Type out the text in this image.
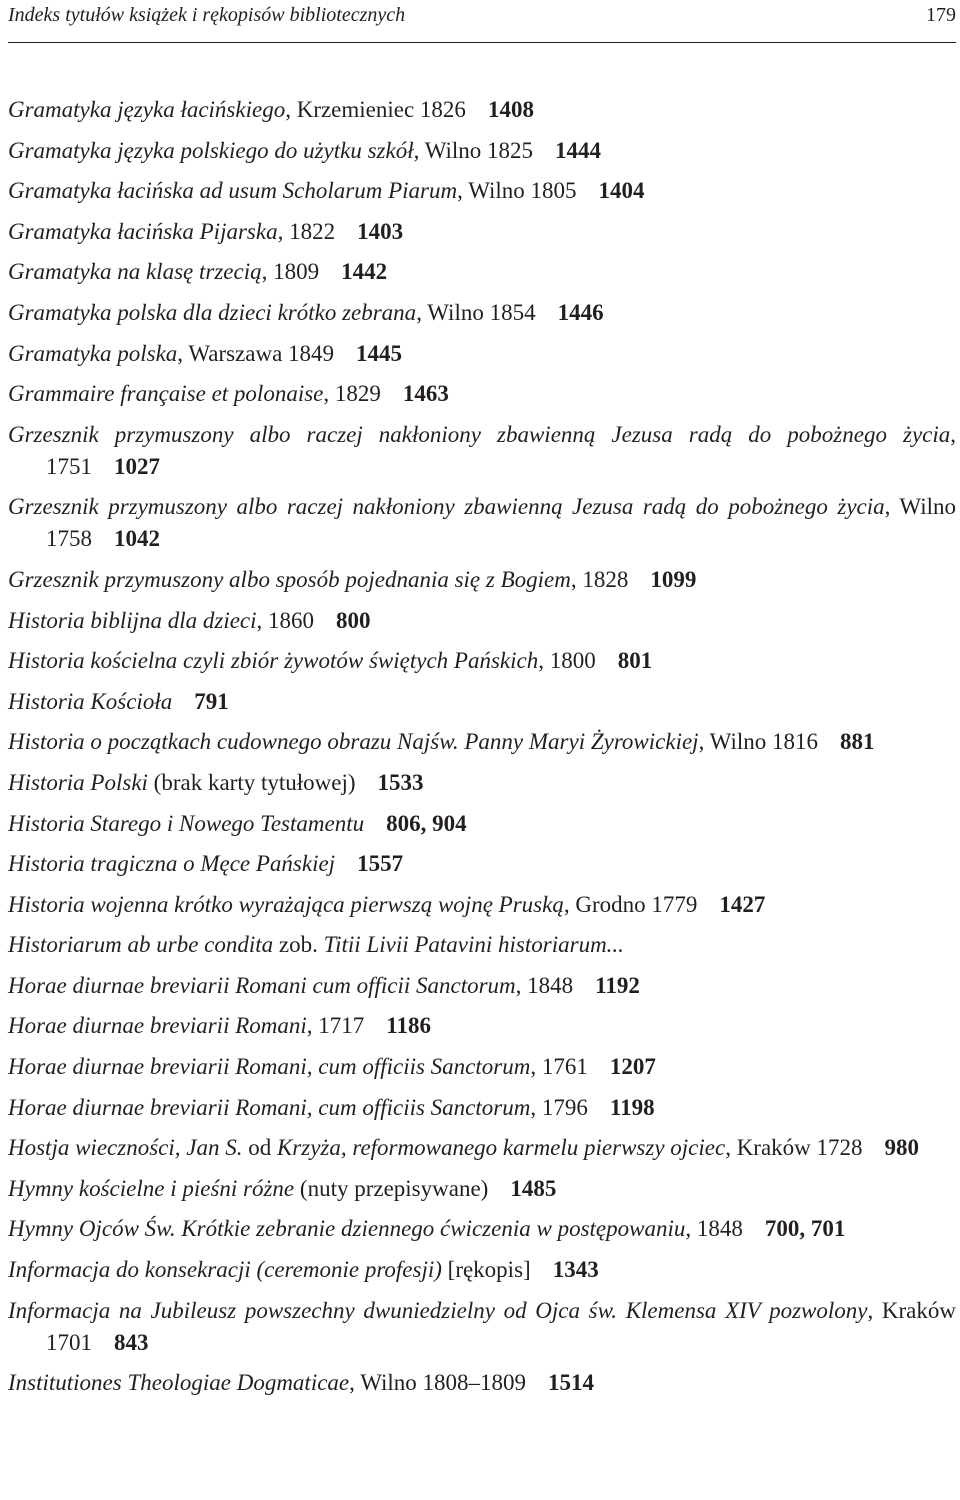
Indeks tytułów książek i rękopisów bibliotecznych	179
Gramatyka języka łacińskiego, Krzemieniec 1826 1408
Gramatyka języka polskiego do użytku szkół, Wilno 1825 1444
Gramatyka łacińska ad usum Scholarum Piarum, Wilno 1805 1404
Gramatyka łacińska Pijarska, 1822 1403
Gramatyka na klasę trzecią, 1809 1442
Gramatyka polska dla dzieci krótko zebrana, Wilno 1854 1446
Gramatyka polska, Warszawa 1849 1445
Grammaire française et polonaise, 1829 1463
Grzesznik przymuszony albo raczej nakłoniony zbawienną Jezusa radą do pobożnego życia, 1751 1027
Grzesznik przymuszony albo raczej nakłoniony zbawienną Jezusa radą do pobożnego życia, Wilno 1758 1042
Grzesznik przymuszony albo sposób pojednania się z Bogiem, 1828 1099
Historia biblijna dla dzieci, 1860 800
Historia kościelna czyli zbiór żywotów świętych Pańskich, 1800 801
Historia Kościoła 791
Historia o początkach cudownego obrazu Najśw. Panny Maryi Żyrowickiej, Wilno 1816 881
Historia Polski (brak karty tytułowej) 1533
Historia Starego i Nowego Testamentu 806, 904
Historia tragiczna o Męce Pańskiej 1557
Historia wojenna krótko wyrażająca pierwszą wojnę Pruską, Grodno 1779 1427
Historiarum ab urbe condita zob. Titii Livii Patavini historiarum...
Horae diurnae breviarii Romani cum officii Sanctorum, 1848 1192
Horae diurnae breviarii Romani, 1717 1186
Horae diurnae breviarii Romani, cum officiis Sanctorum, 1761 1207
Horae diurnae breviarii Romani, cum officiis Sanctorum, 1796 1198
Hostja wieczności, Jan S. od Krzyża, reformowanego karmelu pierwszy ojciec, Kraków 1728 980
Hymny kościelne i pieśni różne (nuty przepisywane) 1485
Hymny Ojców Św. Krótkie zebranie dziennego ćwiczenia w postępowaniu, 1848 700, 701
Informacja do konsekracji (ceremonie profesji) [rękopis] 1343
Informacja na Jubileusz powszechny dwuniedzielny od Ojca św. Klemensa XIV pozwolony, Kraków 1701 843
Institutiones Theologiae Dogmaticae, Wilno 1808–1809 1514
